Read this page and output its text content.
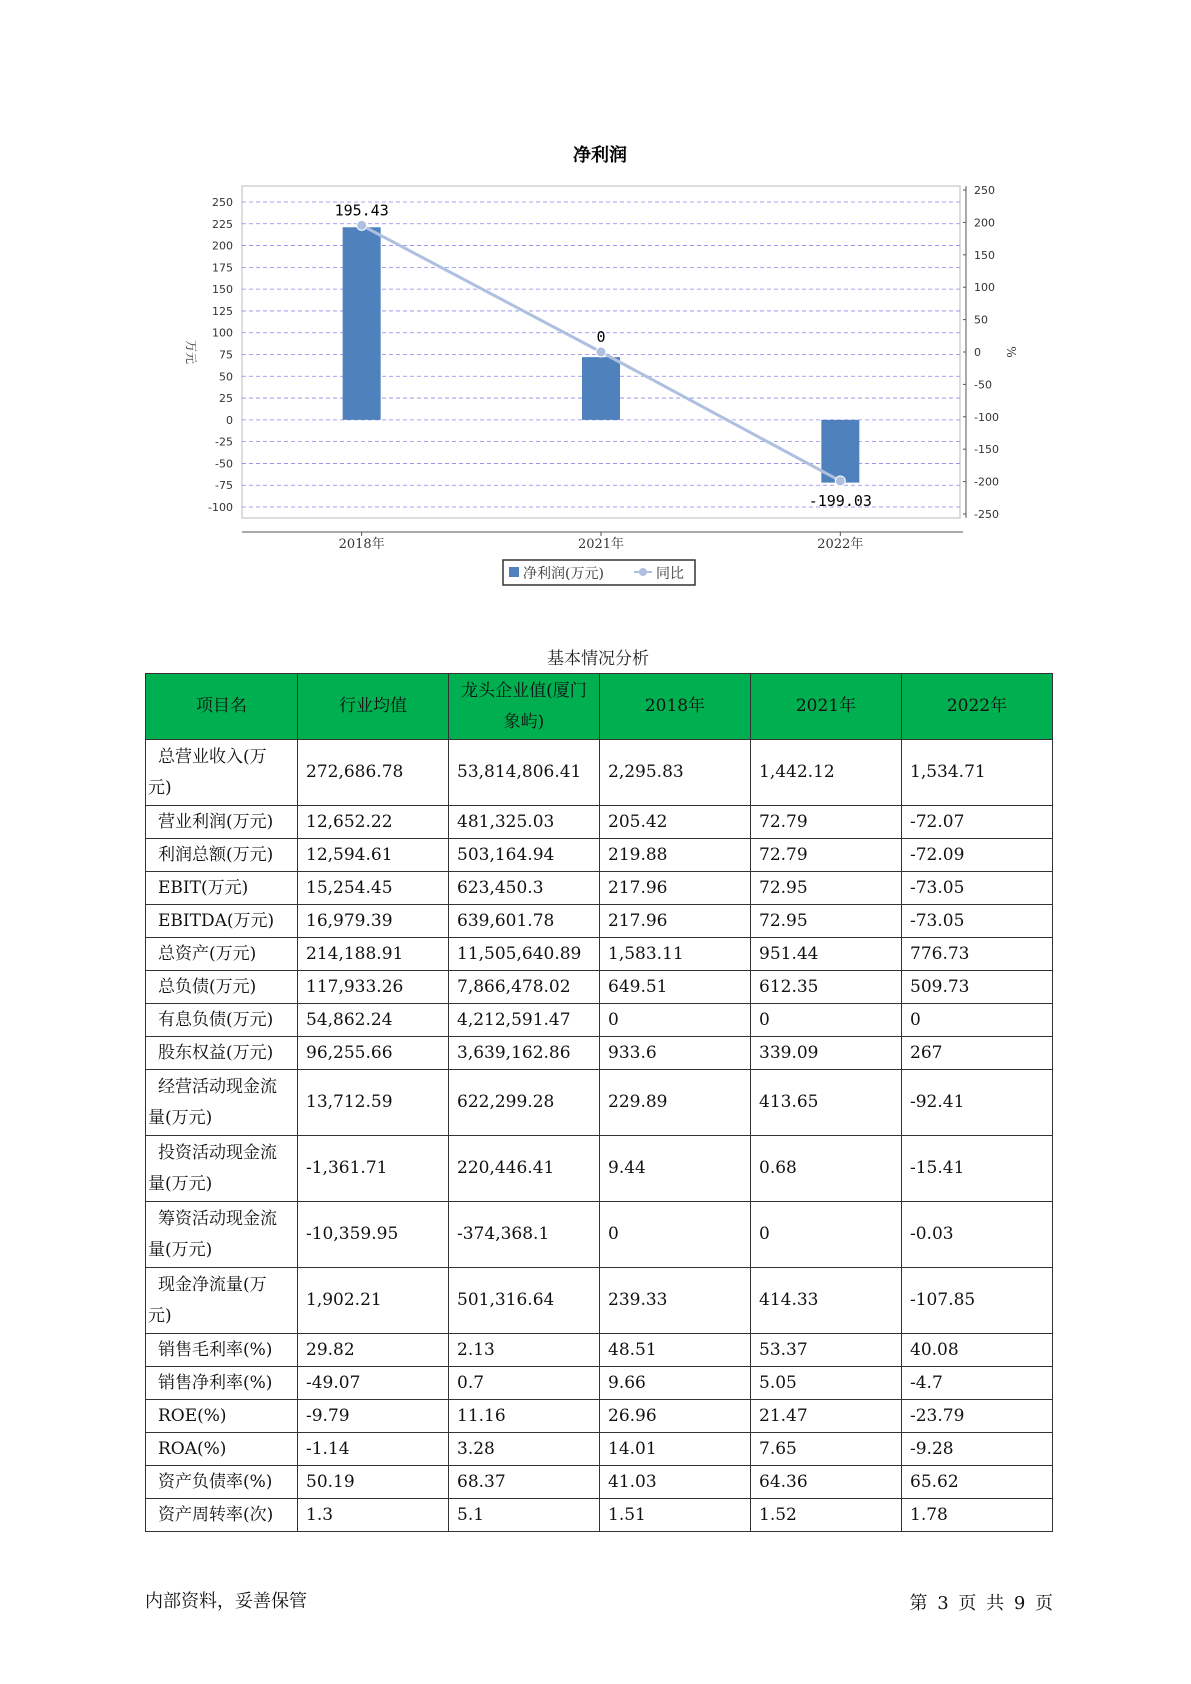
净利润
250
225
200
175
150
125
100
75
50
25
0
-25
-50
-75
-100
250
200
150
100
50
0
-50
-100
-150
-200
-250
2018年	2021年	2022年
195.43
0
-199.03
万元	%
净利润(万元)	同比
基本情况分析
项目名	行业均值	龙头企业值(厦门象屿)	2018年	2021年	2022年
总营业收入(万元)	272,686.78	53,814,806.41	2,295.83	1,442.12	1,534.71
营业利润(万元)	12,652.22	481,325.03	205.42	72.79	-72.07
利润总额(万元)	12,594.61	503,164.94	219.88	72.79	-72.09
EBIT(万元)	15,254.45	623,450.3	217.96	72.95	-73.05
EBITDA(万元)	16,979.39	639,601.78	217.96	72.95	-73.05
总资产(万元)	214,188.91	11,505,640.89	1,583.11	951.44	776.73
总负债(万元)	117,933.26	7,866,478.02	649.51	612.35	509.73
有息负债(万元)	54,862.24	4,212,591.47	0	0	0
股东权益(万元)	96,255.66	3,639,162.86	933.6	339.09	267
经营活动现金流量(万元)	13,712.59	622,299.28	229.89	413.65	-92.41
投资活动现金流量(万元)	-1,361.71	220,446.41	9.44	0.68	-15.41
筹资活动现金流量(万元)	-10,359.95	-374,368.1	0	0	-0.03
现金净流量(万元)	1,902.21	501,316.64	239.33	414.33	-107.85
销售毛利率(%)	29.82	2.13	48.51	53.37	40.08
销售净利率(%)	-49.07	0.7	9.66	5.05	-4.7
ROE(%)	-9.79	11.16	26.96	21.47	-23.79
ROA(%)	-1.14	3.28	14.01	7.65	-9.28
资产负债率(%)	50.19	68.37	41.03	64.36	65.62
资产周转率(次)	1.3	5.1	1.51	1.52	1.78
内部资料，妥善保管	第 3 页 共 9 页
